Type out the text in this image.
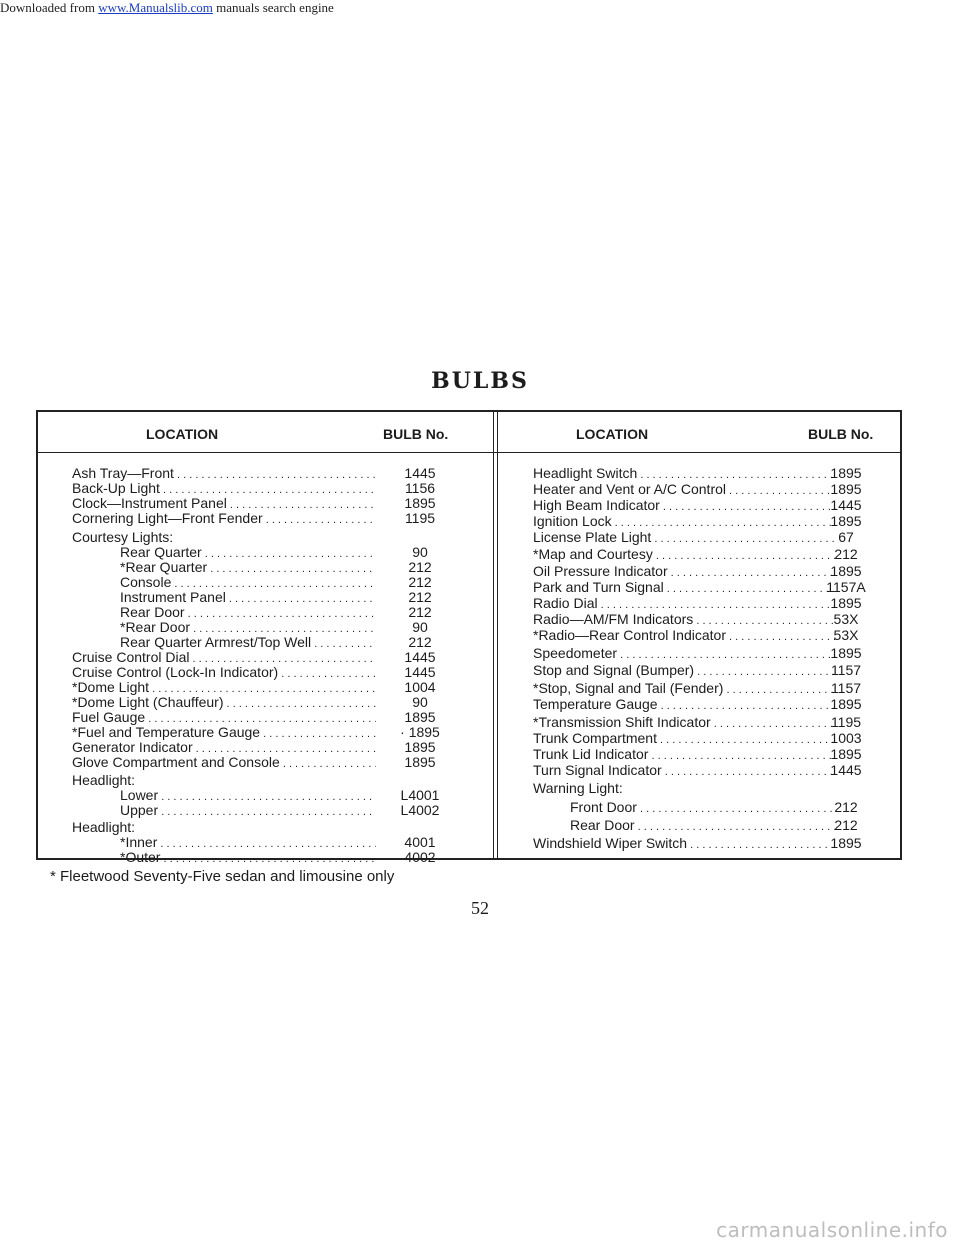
Downloaded from www.Manualslib.com manuals search engine
BULBS
LOCATION	BULB No.	LOCATION	BULB No.
Ash Tray—Front . . .	1445
Back-Up Light . . .	1156
Clock—Instrument Panel . . .	1895
Cornering Light—Front Fender . . .	1195
Courtesy Lights:
Rear Quarter . . .	90
*Rear Quarter . . .	212
Console . . .	212
Instrument Panel . . .	212
Rear Door . . .	212
*Rear Door . . .	90
Rear Quarter Armrest/Top Well . . .	212
Cruise Control Dial . . .	1445
Cruise Control (Lock-In Indicator) . . .	1445
*Dome Light . . .	1004
*Dome Light (Chauffeur) . . .	90
Fuel Gauge . . .	1895
*Fuel and Temperature Gauge . . .	· 1895
Generator Indicator . . .	1895
Glove Compartment and Console . . .	1895
Headlight:
Lower . . .	L4001
Upper . . .	L4002
Headlight:
*Inner . . .	4001
*Outer . . .	4002
Headlight Switch . . .	1895
Heater and Vent or A/C Control . . .	1895
High Beam Indicator . . .	1445
Ignition Lock . . .	1895
License Plate Light . . .	67
*Map and Courtesy . . .	212
Oil Pressure Indicator . . .	1895
Park and Turn Signal . . .	1157A
Radio Dial . . .	1895
Radio—AM/FM Indicators . . .	53X
*Radio—Rear Control Indicator . . .	53X
Speedometer . . .	1895
Stop and Signal (Bumper) . . .	1157
*Stop, Signal and Tail (Fender) . . .	1157
Temperature Gauge . . .	1895
*Transmission Shift Indicator . . .	1195
Trunk Compartment . . .	1003
Trunk Lid Indicator . . .	1895
Turn Signal Indicator . . .	1445
Warning Light:
Front Door . . .	212
Rear Door . . .	212
Windshield Wiper Switch . . .	1895
* Fleetwood Seventy-Five sedan and limousine only
52
carmanualsonline.info
